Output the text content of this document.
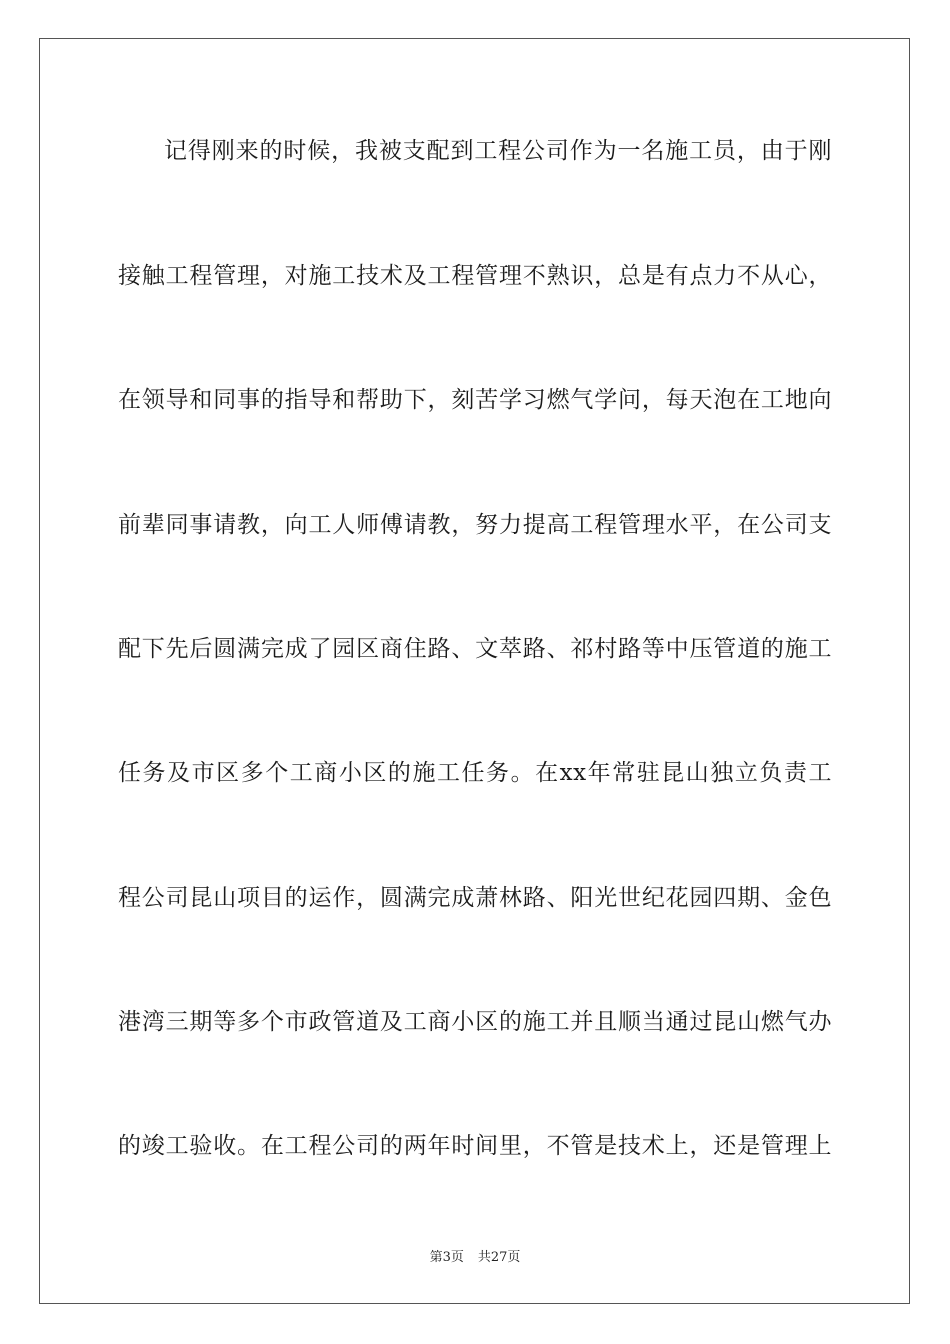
记得刚来的时候，我被支配到工程公司作为一名施工员，由于刚
接触工程管理，对施工技术及工程管理不熟识，总是有点力不从心，
在领导和同事的指导和帮助下，刻苦学习燃气学问，每天泡在工地向
前辈同事请教，向工人师傅请教，努力提高工程管理水平，在公司支
配下先后圆满完成了园区商住路、文萃路、祁村路等中压管道的施工
任务及市区多个工商小区的施工任务。在xx年常驻昆山独立负责工
程公司昆山项目的运作，圆满完成萧林路、阳光世纪花园四期、金色
港湾三期等多个市政管道及工商小区的施工并且顺当通过昆山燃气办
的竣工验收。在工程公司的两年时间里，不管是技术上，还是管理上
第3页 共27页
